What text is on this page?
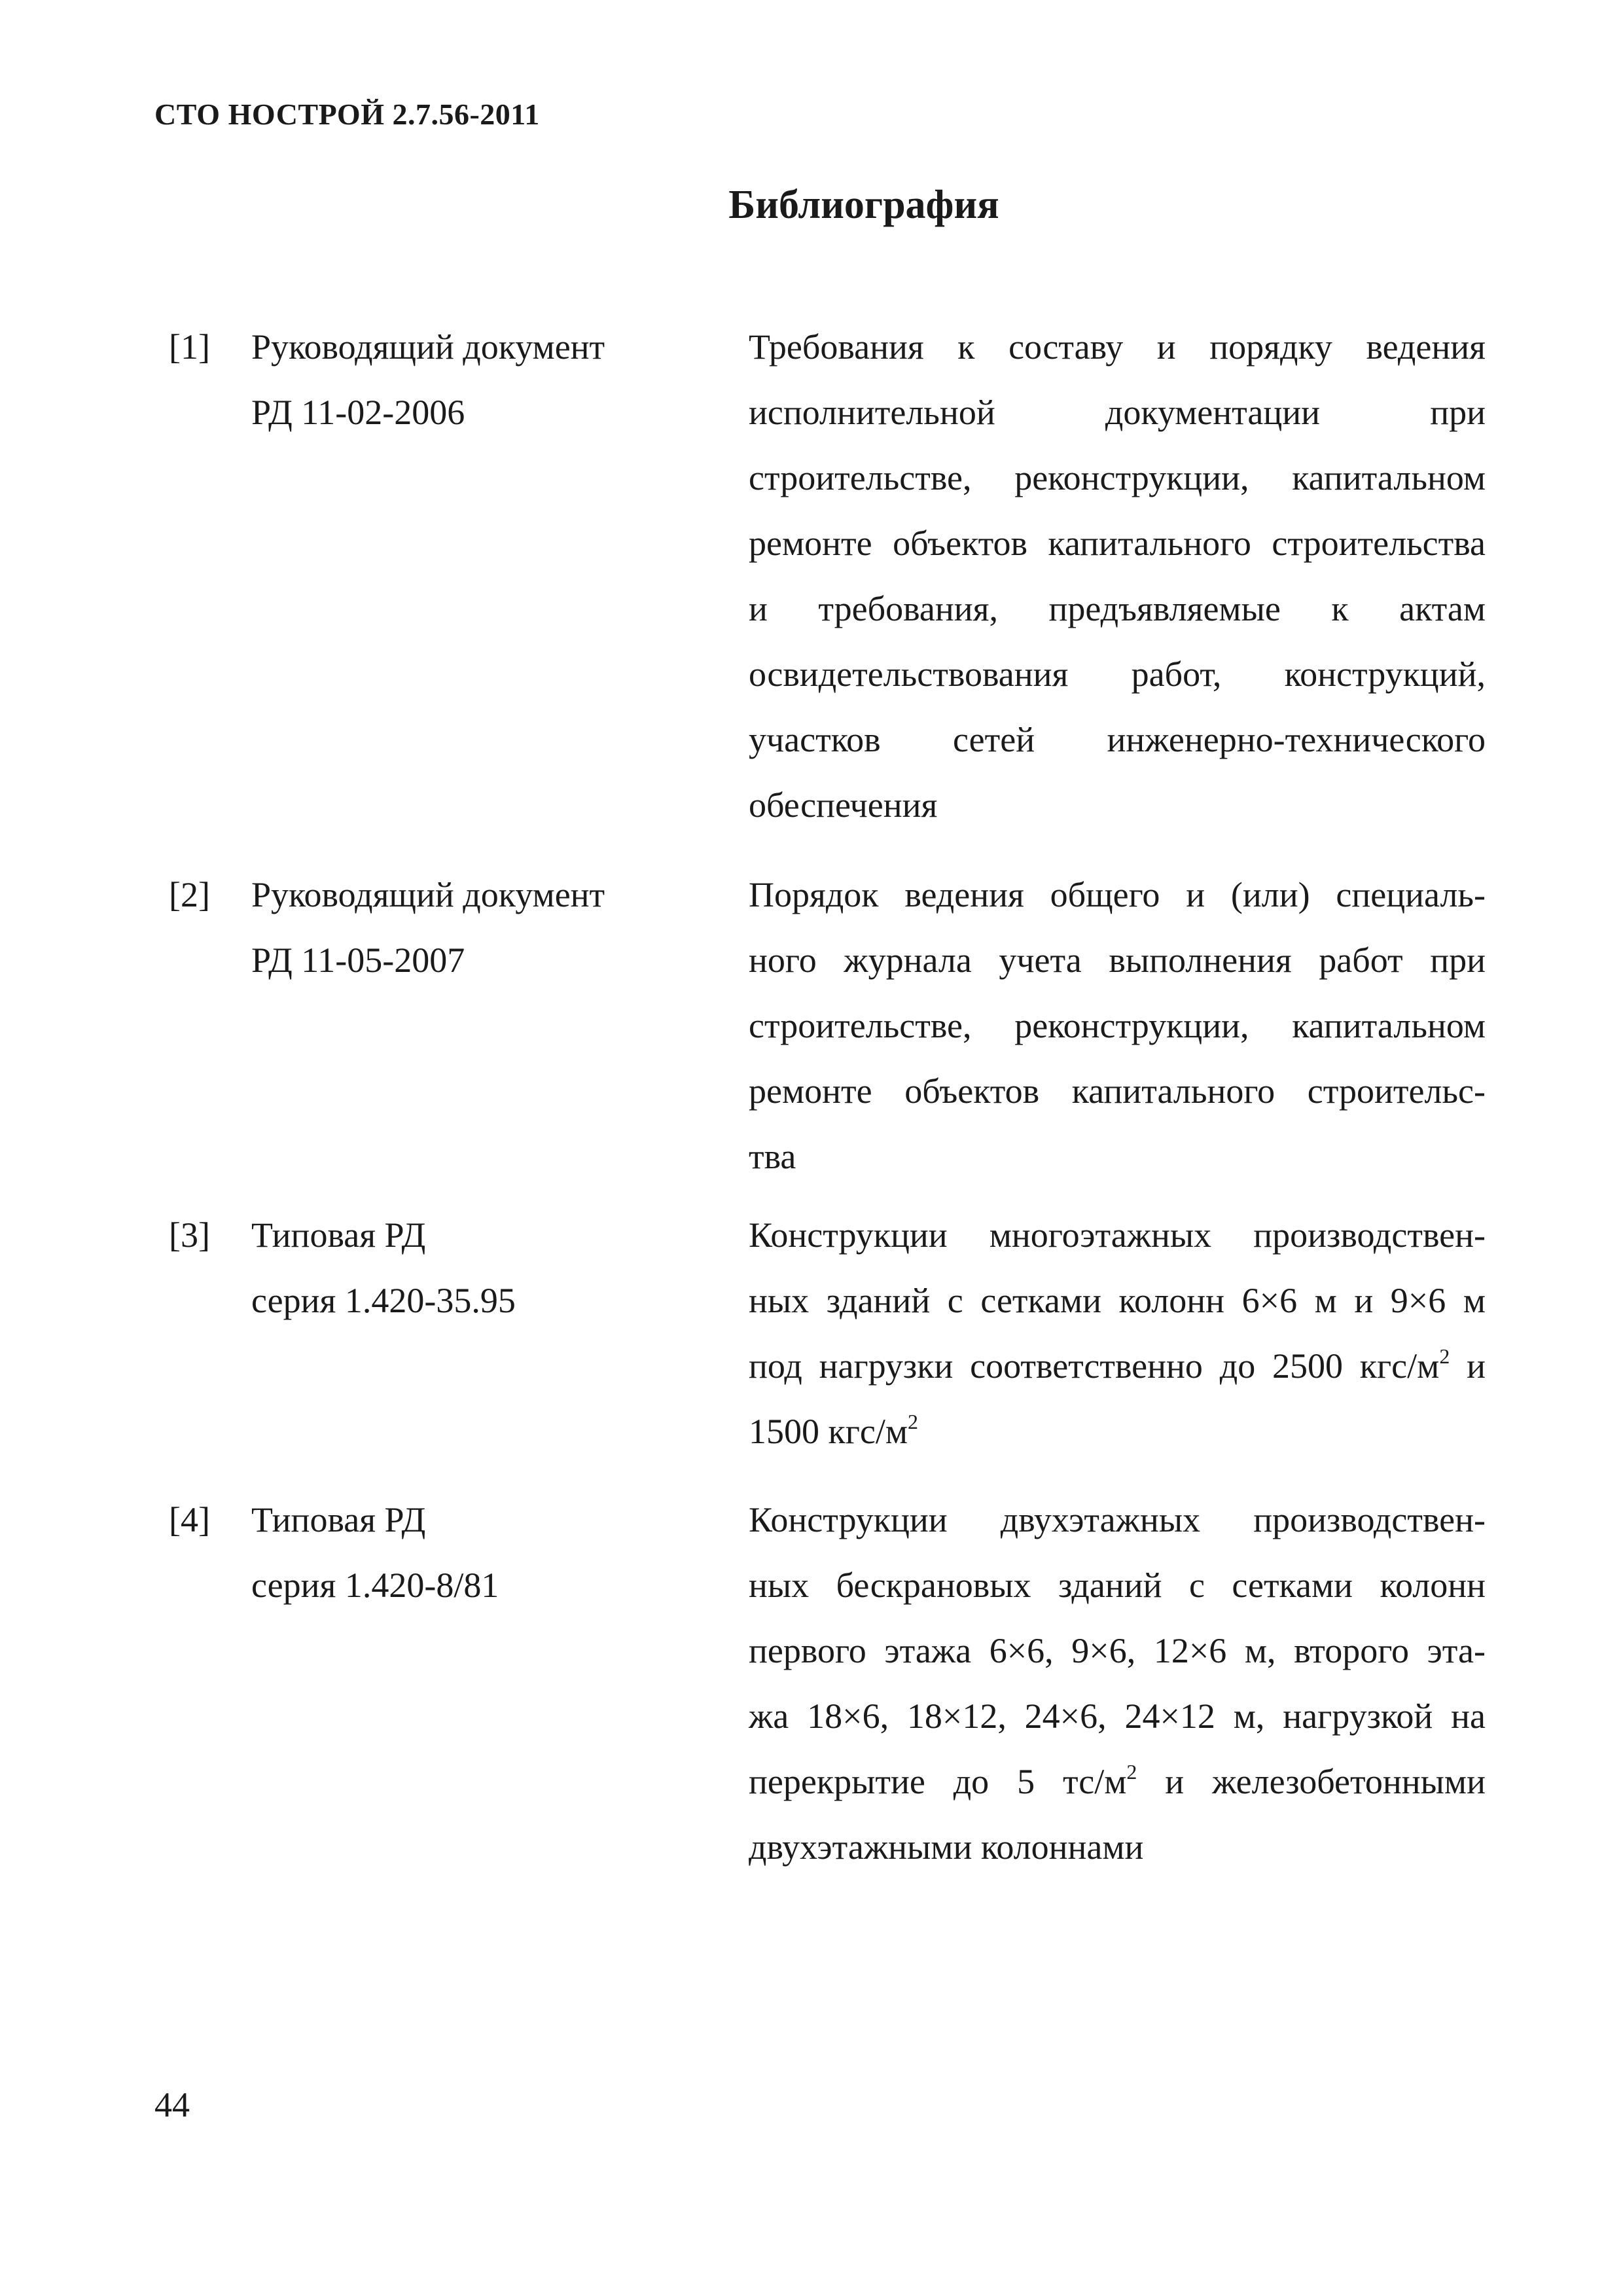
СТО НОСТРОЙ 2.7.56-2011
Библиография
[1] Руководящий документ
РД 11-02-2006
Требования к составу и порядку ведения
исполнительной документации при
строительстве, реконструкции, капитальном
ремонте объектов капитального строительства
и требования, предъявляемые к актам
освидетельствования работ, конструкций,
участков сетей инженерно-технического
обеспечения
[2] Руководящий документ
РД 11-05-2007
Порядок ведения общего и (или) специаль-
ного журнала учета выполнения работ при
строительстве, реконструкции, капитальном
ремонте объектов капитального строительс-
тва
[3] Типовая РД
серия 1.420-35.95
Конструкции многоэтажных производствен-
ных зданий с сетками колонн 6×6 м и 9×6 м
под нагрузки соответственно до 2500 кгс/$м^2$ и
1500 кгс/$м^2$
[4] Типовая РД
серия 1.420-8/81
Конструкции двухэтажных производствен-
ных бескрановых зданий с сетками колонн
первого этажа 6×6, 9×6, 12×6 м, второго эта-
жа 18×6, 18×12, 24×6, 24×12 м, нагрузкой на
перекрытие до 5 $тс/м^2$ и железобетонными
двухэтажными колоннами
44
